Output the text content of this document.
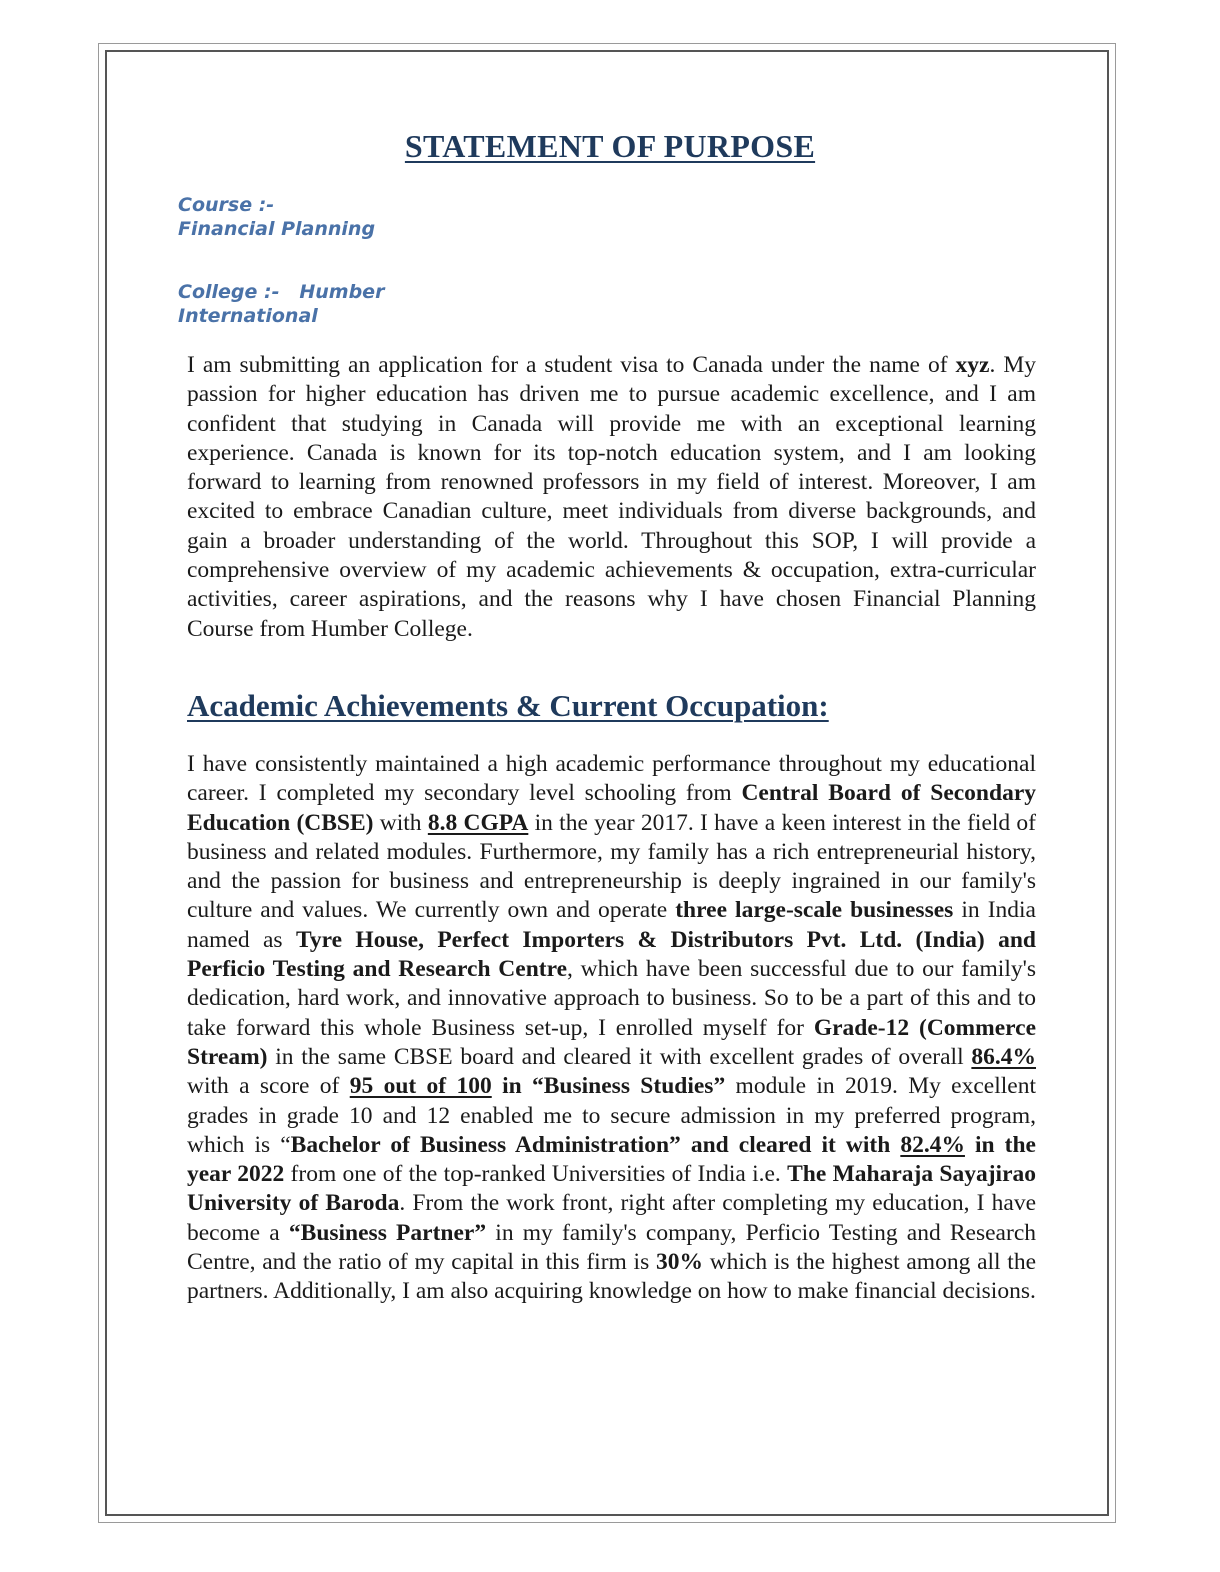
STATEMENT OF PURPOSE
Course :-
Financial Planning
College :- Humber
International

I am submitting an application for a student visa to Canada under the name of xyz. My passion for higher education has driven me to pursue academic excellence, and I am confident that studying in Canada will provide me with an exceptional learning experience. Canada is known for its top-notch education system, and I am looking forward to learning from renowned professors in my field of interest. Moreover, I am excited to embrace Canadian culture, meet individuals from diverse backgrounds, and gain a broader understanding of the world. Throughout this SOP, I will provide a comprehensive overview of my academic achievements & occupation, extra-curricular activities, career aspirations, and the reasons why I have chosen Financial Planning Course from Humber College.

Academic Achievements & Current Occupation:

I have consistently maintained a high academic performance throughout my educational career. I completed my secondary level schooling from Central Board of Secondary Education (CBSE) with 8.8 CGPA in the year 2017. I have a keen interest in the field of business and related modules. Furthermore, my family has a rich entrepreneurial history, and the passion for business and entrepreneurship is deeply ingrained in our family's culture and values. We currently own and operate three large-scale businesses in India named as Tyre House, Perfect Importers & Distributors Pvt. Ltd. (India) and Perficio Testing and Research Centre, which have been successful due to our family's dedication, hard work, and innovative approach to business. So to be a part of this and to take forward this whole Business set-up, I enrolled myself for Grade-12 (Commerce Stream) in the same CBSE board and cleared it with excellent grades of overall 86.4% with a score of 95 out of 100 in “Business Studies” module in 2019. My excellent grades in grade 10 and 12 enabled me to secure admission in my preferred program, which is “Bachelor of Business Administration” and cleared it with 82.4% in the year 2022 from one of the top-ranked Universities of India i.e. The Maharaja Sayajirao University of Baroda. From the work front, right after completing my education, I have become a “Business Partner” in my family's company, Perficio Testing and Research Centre, and the ratio of my capital in this firm is 30% which is the highest among all the partners. Additionally, I am also acquiring knowledge on how to make financial decisions.
